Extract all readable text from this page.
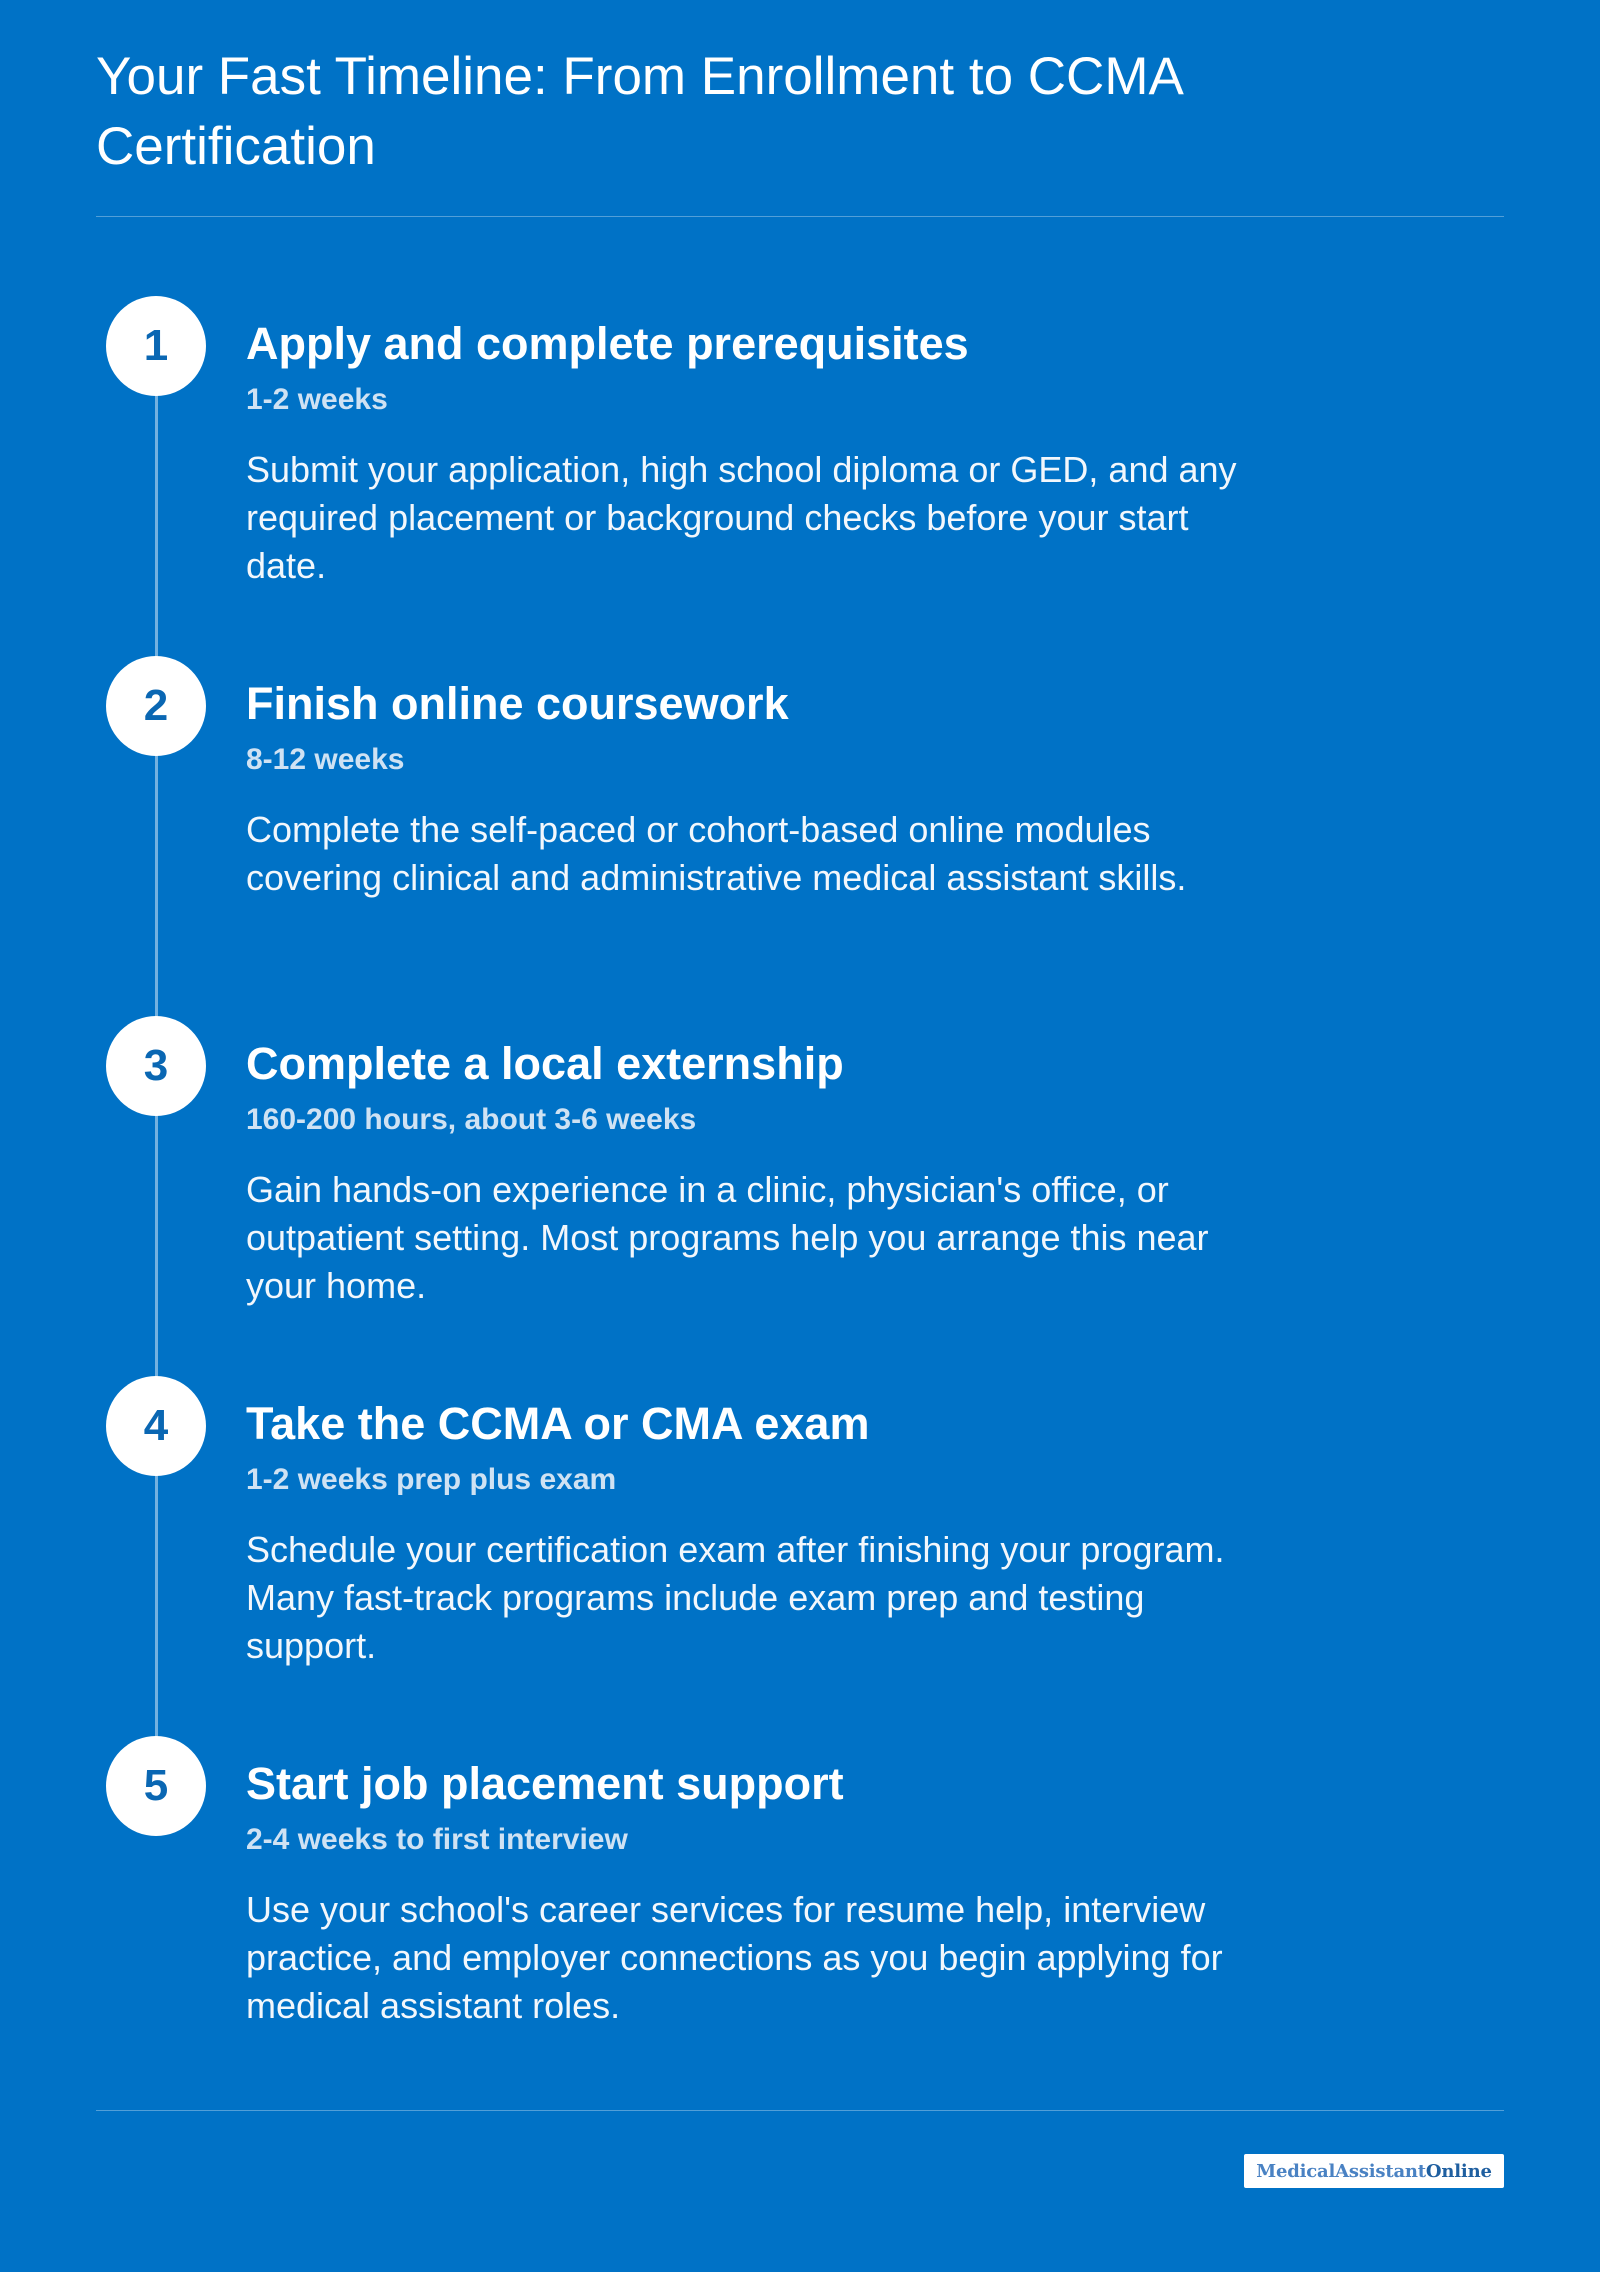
Your Fast Timeline: From Enrollment to CCMA Certification
1	Apply and complete prerequisites
1-2 weeks
Submit your application, high school diploma or GED, and any required placement or background checks before your start date.
2	Finish online coursework
8-12 weeks
Complete the self-paced or cohort-based online modules covering clinical and administrative medical assistant skills.
3	Complete a local externship
160-200 hours, about 3-6 weeks
Gain hands-on experience in a clinic, physician's office, or outpatient setting. Most programs help you arrange this near your home.
4	Take the CCMA or CMA exam
1-2 weeks prep plus exam
Schedule your certification exam after finishing your program. Many fast-track programs include exam prep and testing support.
5	Start job placement support
2-4 weeks to first interview
Use your school's career services for resume help, interview practice, and employer connections as you begin applying for medical assistant roles.
MedicalAssistant Online
